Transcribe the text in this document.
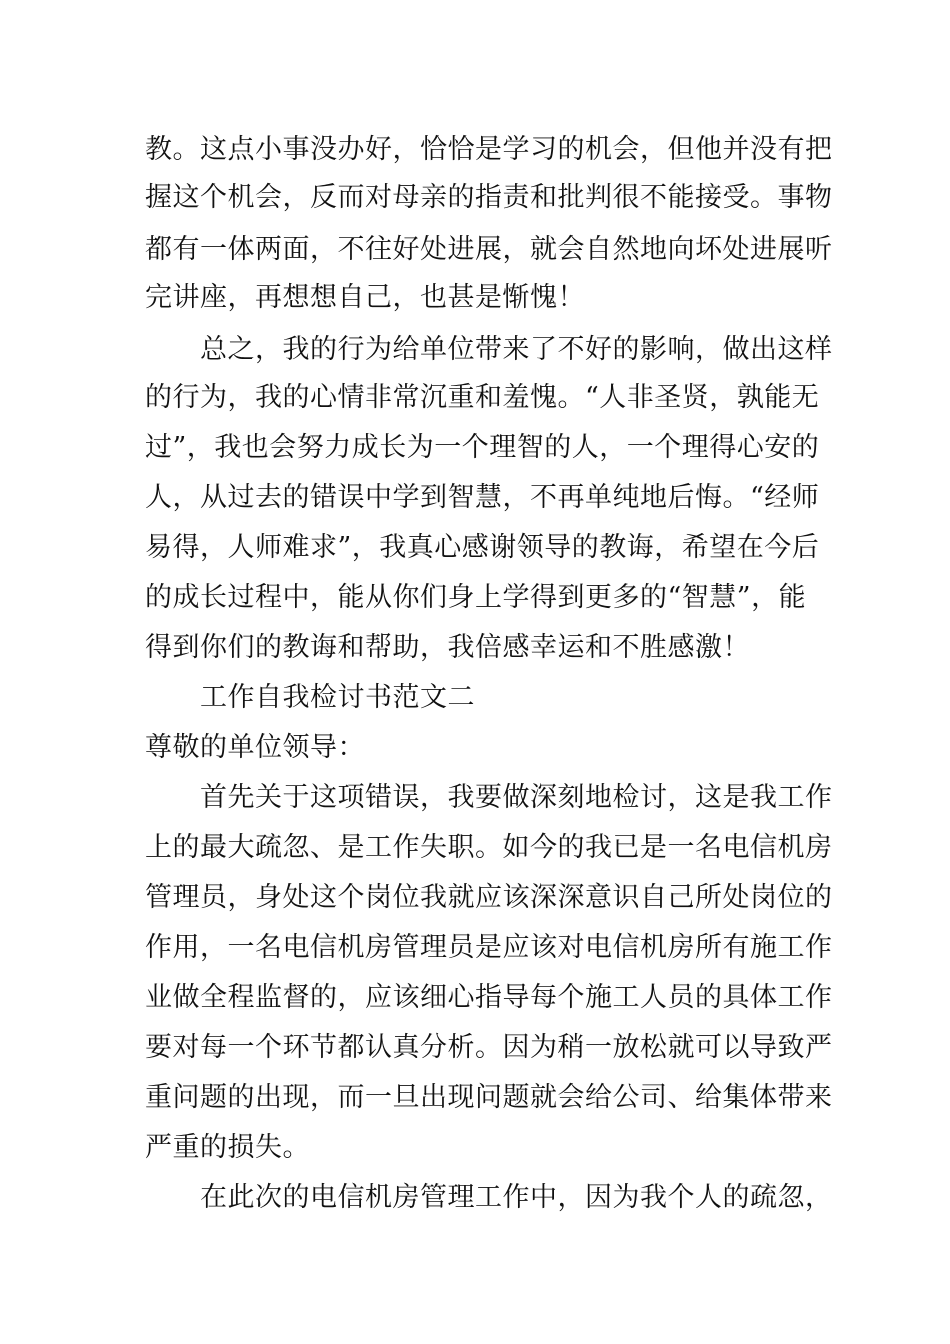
教。这点小事没办好，恰恰是学习的机会，但他并没有把
握这个机会，反而对母亲的指责和批判很不能接受。事物
都有一体两面，不往好处进展，就会自然地向坏处进展听
完讲座，再想想自己，也甚是惭愧！
总之，我的行为给单位带来了不好的影响，做出这样
的行为，我的心情非常沉重和羞愧。“人非圣贤，孰能无
过”，我也会努力成长为一个理智的人，一个理得心安的
人，从过去的错误中学到智慧，不再单纯地后悔。“经师
易得，人师难求”，我真心感谢领导的教诲，希望在今后
的成长过程中，能从你们身上学得到更多的“智慧”，能
得到你们的教诲和帮助，我倍感幸运和不胜感激！
工作自我检讨书范文二
尊敬的单位领导：
首先关于这项错误，我要做深刻地检讨，这是我工作
上的最大疏忽、是工作失职。如今的我已是一名电信机房
管理员，身处这个岗位我就应该深深意识自己所处岗位的
作用，一名电信机房管理员是应该对电信机房所有施工作
业做全程监督的，应该细心指导每个施工人员的具体工作
要对每一个环节都认真分析。因为稍一放松就可以导致严
重问题的出现，而一旦出现问题就会给公司、给集体带来
严重的损失。
在此次的电信机房管理工作中，因为我个人的疏忽，
